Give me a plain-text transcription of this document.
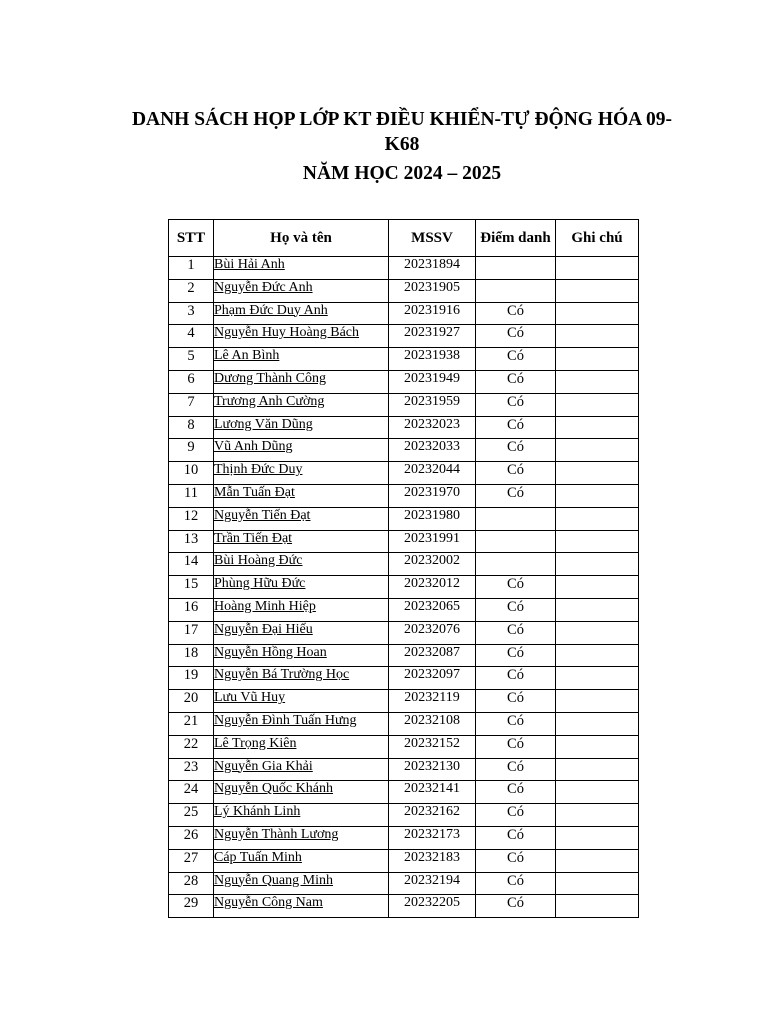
DANH SÁCH HỌP LỚP KT ĐIỀU KHIỂN-TỰ ĐỘNG HÓA 09-
K68
NĂM HỌC 2024 – 2025
STT	Họ và tên	MSSV	Điểm danh	Ghi chú
1	Bùi Hải Anh	20231894		
2	Nguyễn Đức Anh	20231905		
3	Phạm Đức Duy Anh	20231916	Có	
4	Nguyễn Huy Hoàng Bách	20231927	Có	
5	Lê An Bình	20231938	Có	
6	Dương Thành Công	20231949	Có	
7	Trương Anh Cường	20231959	Có	
8	Lương Văn Dũng	20232023	Có	
9	Vũ Anh Dũng	20232033	Có	
10	Thịnh Đức Duy	20232044	Có	
11	Mẫn Tuấn Đạt	20231970	Có	
12	Nguyễn Tiến Đạt	20231980		
13	Trần Tiến Đạt	20231991		
14	Bùi Hoàng Đức	20232002		
15	Phùng Hữu Đức	20232012	Có	
16	Hoàng Minh Hiệp	20232065	Có	
17	Nguyễn Đại Hiếu	20232076	Có	
18	Nguyễn Hồng Hoan	20232087	Có	
19	Nguyễn Bá Trường Học	20232097	Có	
20	Lưu Vũ Huy	20232119	Có	
21	Nguyễn Đình Tuấn Hưng	20232108	Có	
22	Lê Trọng Kiên	20232152	Có	
23	Nguyễn Gia Khải	20232130	Có	
24	Nguyễn Quốc Khánh	20232141	Có	
25	Lý Khánh Linh	20232162	Có	
26	Nguyễn Thành Lương	20232173	Có	
27	Cáp Tuấn Minh	20232183	Có	
28	Nguyễn Quang Minh	20232194	Có	
29	Nguyễn Công Nam	20232205	Có	
